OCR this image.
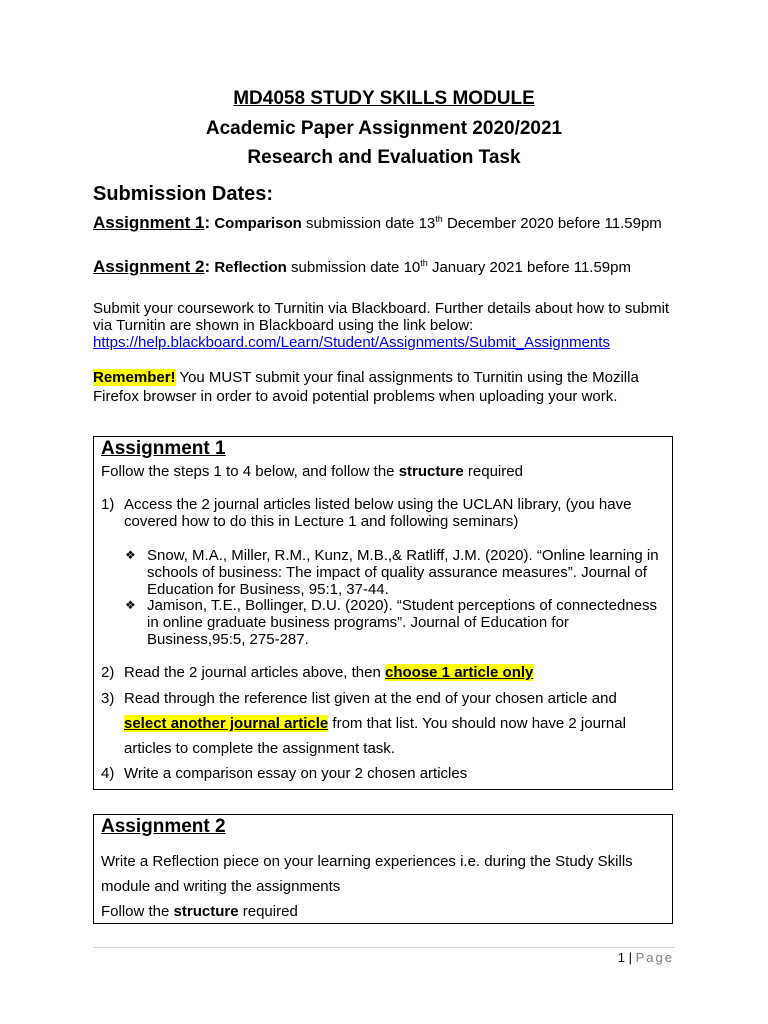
MD4058 STUDY SKILLS MODULE
Academic Paper Assignment 2020/2021
Research and Evaluation Task
Submission Dates:
Assignment 1: Comparison submission date 13th December 2020 before 11.59pm
Assignment 2: Reflection submission date 10th January 2021 before 11.59pm
Submit your coursework to Turnitin via Blackboard. Further details about how to submit via Turnitin are shown in Blackboard using the link below:
https://help.blackboard.com/Learn/Student/Assignments/Submit_Assignments
Remember! You MUST submit your final assignments to Turnitin using the Mozilla Firefox browser in order to avoid potential problems when uploading your work.
Assignment 1
Follow the steps 1 to 4 below, and follow the structure required
1) Access the 2 journal articles listed below using the UCLAN library, (you have covered how to do this in Lecture 1 and following seminars)
❖ Snow, M.A., Miller, R.M., Kunz, M.B.,& Ratliff, J.M. (2020). “Online learning in schools of business: The impact of quality assurance measures”. Journal of Education for Business, 95:1, 37-44.
❖ Jamison, T.E., Bollinger, D.U. (2020). “Student perceptions of connectedness in online graduate business programs”. Journal of Education for Business,95:5, 275-287.
2) Read the 2 journal articles above, then choose 1 article only
3) Read through the reference list given at the end of your chosen article and
select another journal article from that list. You should now have 2 journal
articles to complete the assignment task.
4) Write a comparison essay on your 2 chosen articles
Assignment 2
Write a Reflection piece on your learning experiences i.e. during the Study Skills
module and writing the assignments
Follow the structure required
1 | Page
